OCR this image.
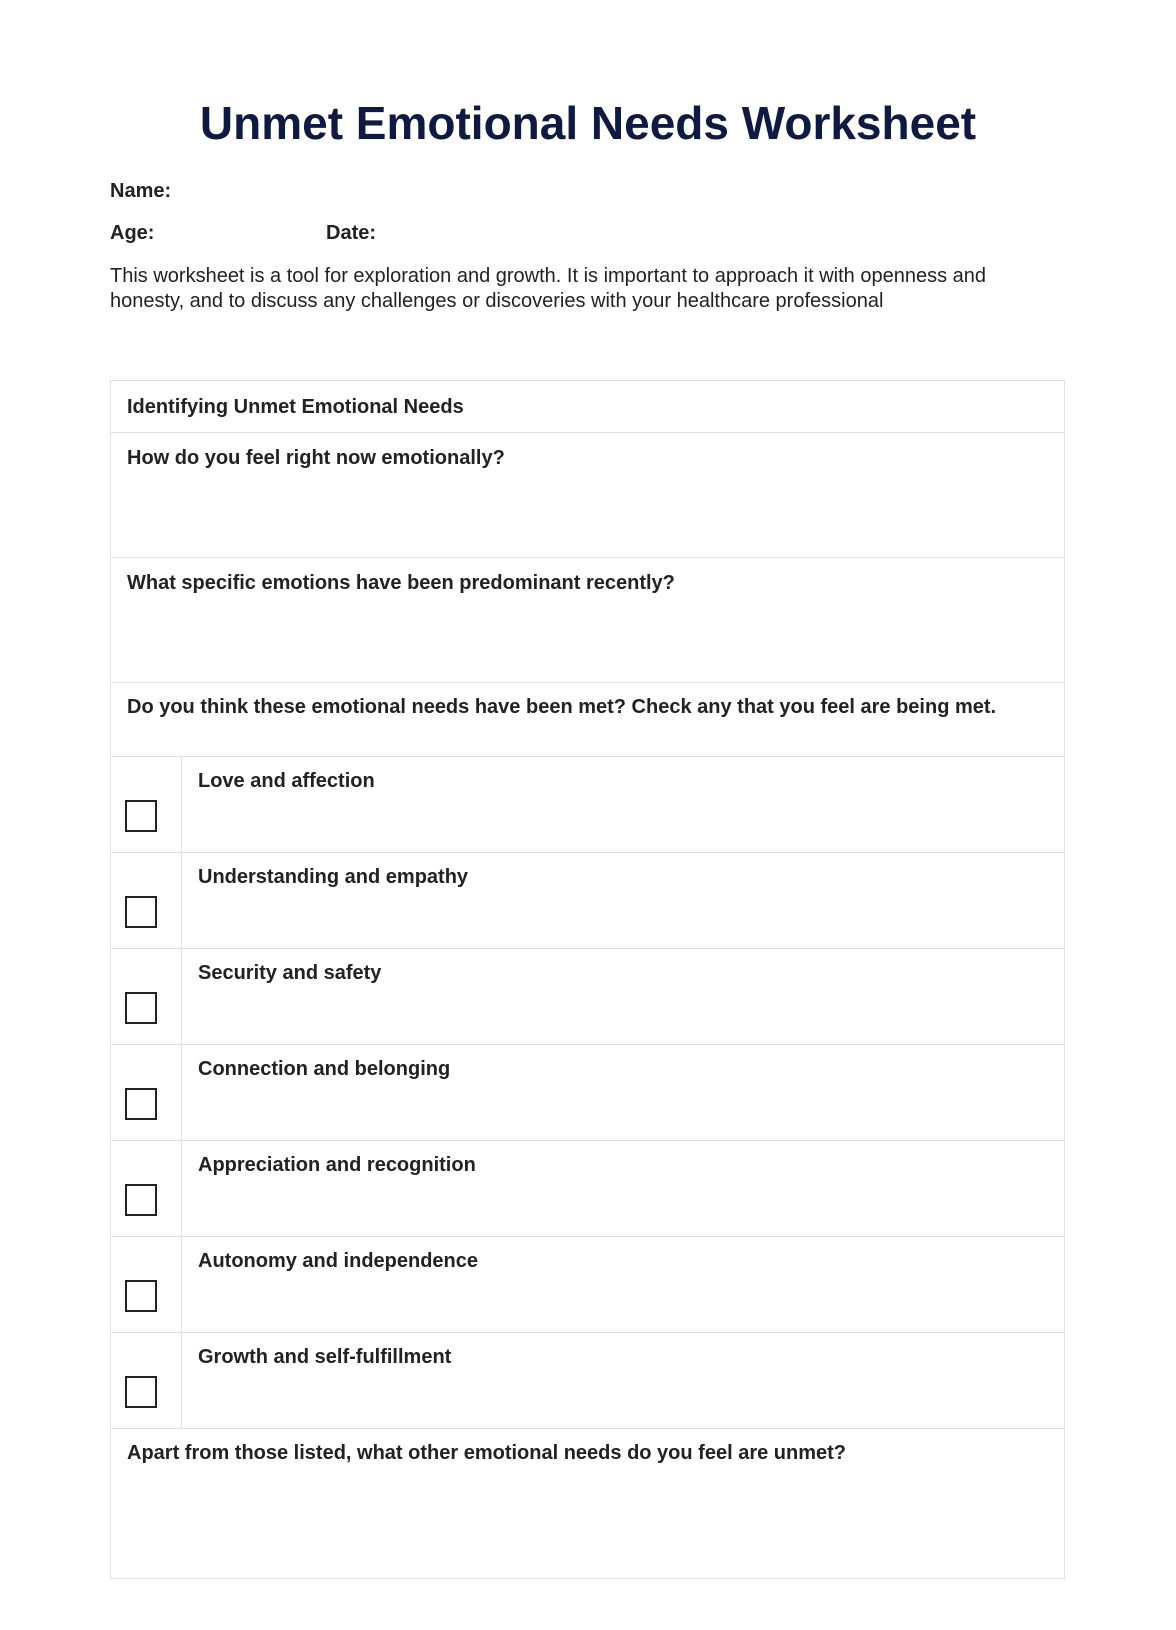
Unmet Emotional Needs Worksheet
Name:
Age:	Date:

This worksheet is a tool for exploration and growth. It is important to approach it with openness and honesty, and to discuss any challenges or discoveries with your healthcare professional

Identifying Unmet Emotional Needs	
How do you feel right now emotionally?	
What specific emotions have been predominant recently?	
Do you think these emotional needs have been met? Check any that you feel are being met.	

	Love and affection

	Understanding and empathy

	Security and safety

	Connection and belonging

	Appreciation and recognition

	Autonomy and independence

	Growth and self-fulfillment
Apart from those listed, what other emotional needs do you feel are unmet?	
